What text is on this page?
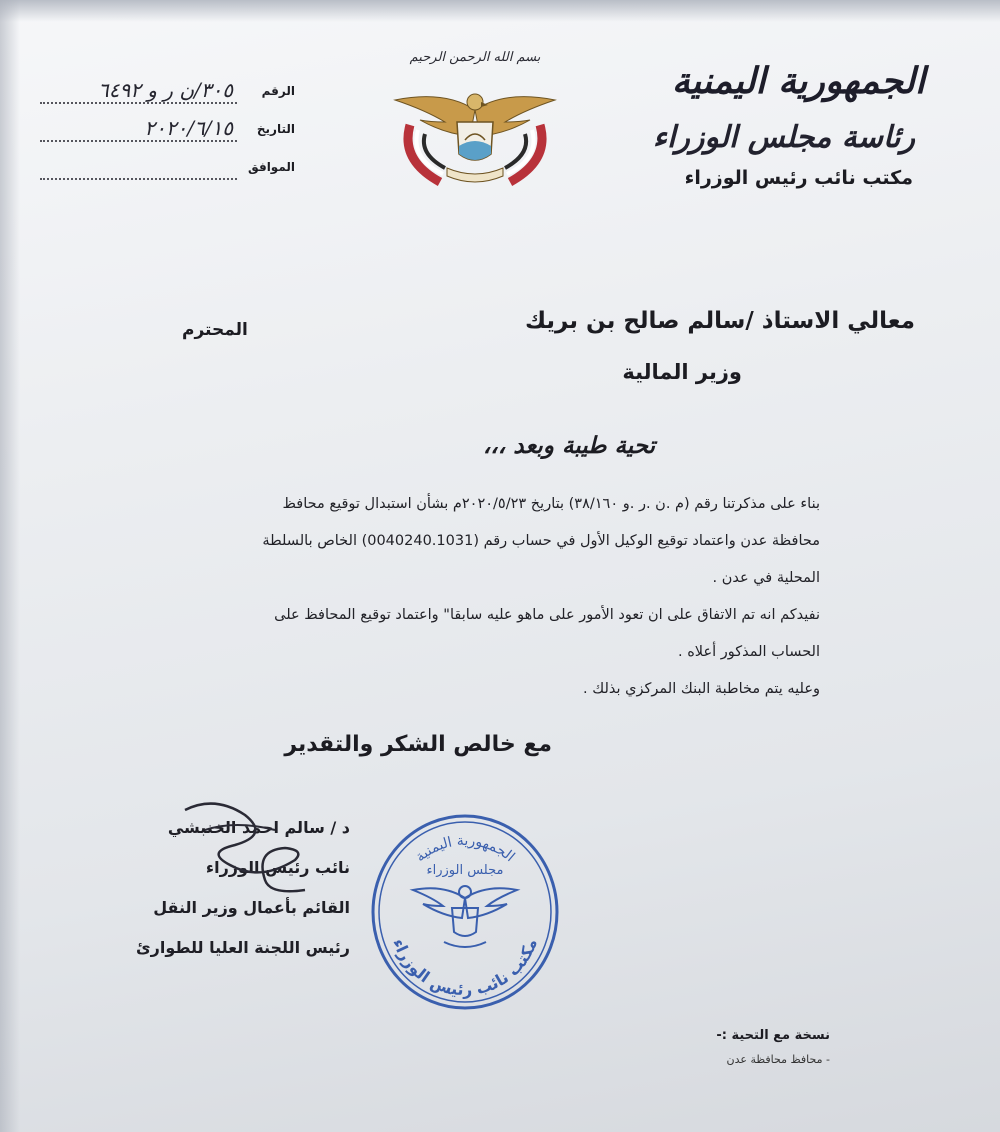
الجمهورية اليمنية
رئاسة مجلس الوزراء
مكتب نائب رئيس الوزراء
بسم الله الرحمن الرحيم
الرقم
٣٠٥/ن ر و ٦٤٩٢
التاريخ
٢٠٢٠/٦/١٥
الموافق
معالي الاستاذ /سالم صالح بن بريك
المحترم
وزير المالية
تحية طيبة وبعد ،،،

بناء على مذكرتنا رقم (م .ن .ر .و ٣٨/١٦٠) بتاريخ ٢٠٢٠/٥/٢٣م بشأن استبدال توقيع محافظ

محافظة عدن واعتماد توقيع الوكيل الأول في حساب رقم (0040240.1031) الخاص بالسلطة

المحلية في عدن .

نفيدكم انه تم الاتفاق على ان تعود الأمور على ماهو عليه سابقا" واعتماد توقيع المحافظ على

الحساب المذكور أعلاه .

وعليه يتم مخاطبة البنك المركزي بذلك .

مع خالص الشكر والتقدير
د / سالم احمد الخنبشي
نائب رئيس الوزراء
القائم بأعمال وزير النقل
رئيس اللجنة العليا للطوارئ
الجمهورية اليمنية
مجلس الوزراء
مكتب نائب رئيس الوزراء
نسخة مع التحية :-
- محافظ محافظة عدن
